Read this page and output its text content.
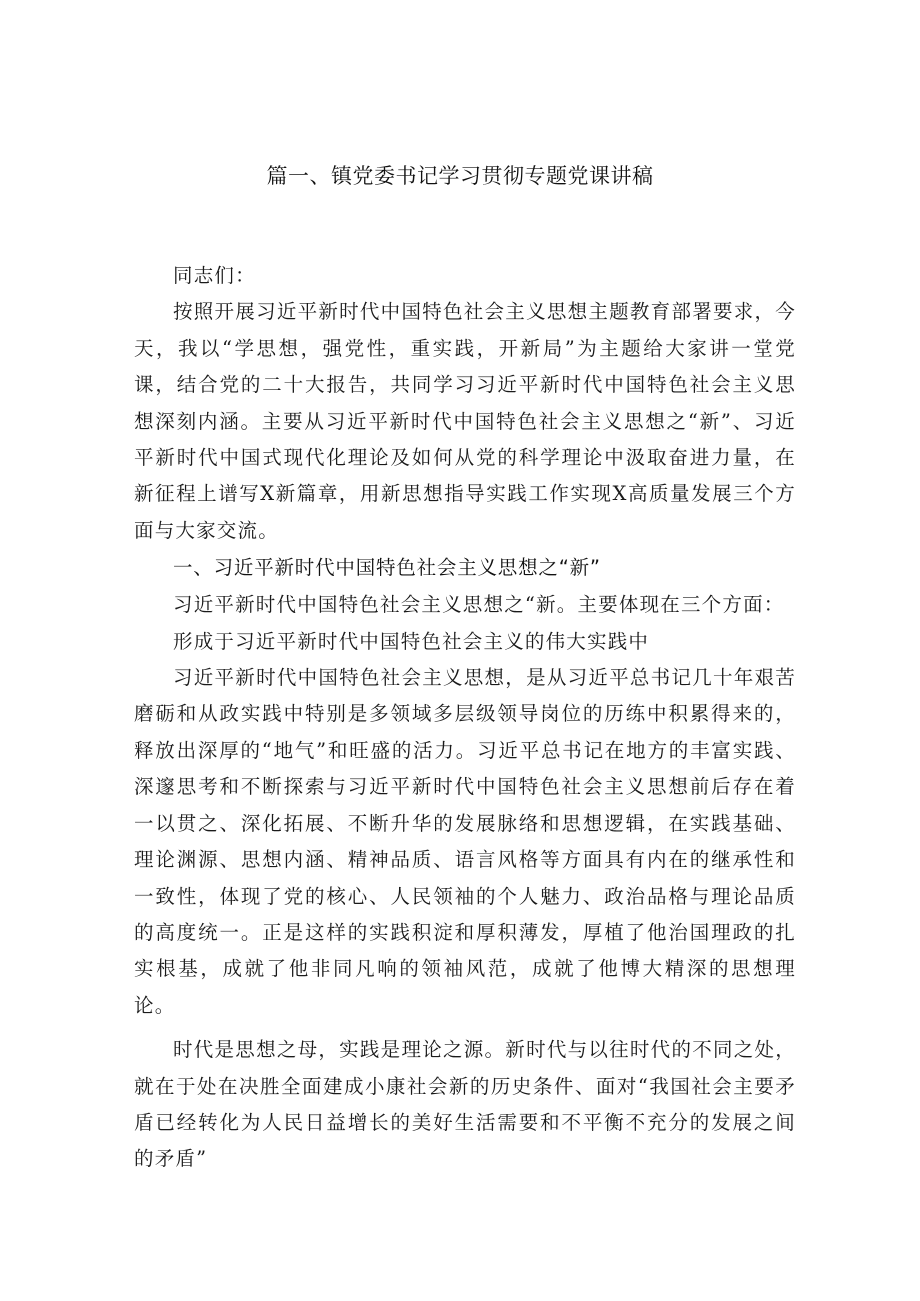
篇一、镇党委书记学习贯彻专题党课讲稿

同志们：

按照开展习近平新时代中国特色社会主义思想主题教育部署要求，今天，我以“学思想，强党性，重实践，开新局”为主题给大家讲一堂党课，结合党的二十大报告，共同学习习近平新时代中国特色社会主义思想深刻内涵。主要从习近平新时代中国特色社会主义思想之“新”、习近平新时代中国式现代化理论及如何从党的科学理论中汲取奋进力量，在新征程上谱写X新篇章，用新思想指导实践工作实现X高质量发展三个方面与大家交流。

一、习近平新时代中国特色社会主义思想之“新”

习近平新时代中国特色社会主义思想之“新。主要体现在三个方面：

形成于习近平新时代中国特色社会主义的伟大实践中

习近平新时代中国特色社会主义思想，是从习近平总书记几十年艰苦磨砺和从政实践中特别是多领域多层级领导岗位的历练中积累得来的，释放出深厚的“地气”和旺盛的活力。习近平总书记在地方的丰富实践、深邃思考和不断探索与习近平新时代中国特色社会主义思想前后存在着一以贯之、深化拓展、不断升华的发展脉络和思想逻辑，在实践基础、理论渊源、思想内涵、精神品质、语言风格等方面具有内在的继承性和一致性，体现了党的核心、人民领袖的个人魅力、政治品格与理论品质的高度统一。正是这样的实践积淀和厚积薄发，厚植了他治国理政的扎实根基，成就了他非同凡响的领袖风范，成就了他博大精深的思想理论。

时代是思想之母，实践是理论之源。新时代与以往时代的不同之处，就在于处在决胜全面建成小康社会新的历史条件、面对“我国社会主要矛盾已经转化为人民日益增长的美好生活需要和不平衡不充分的发展之间的矛盾”
